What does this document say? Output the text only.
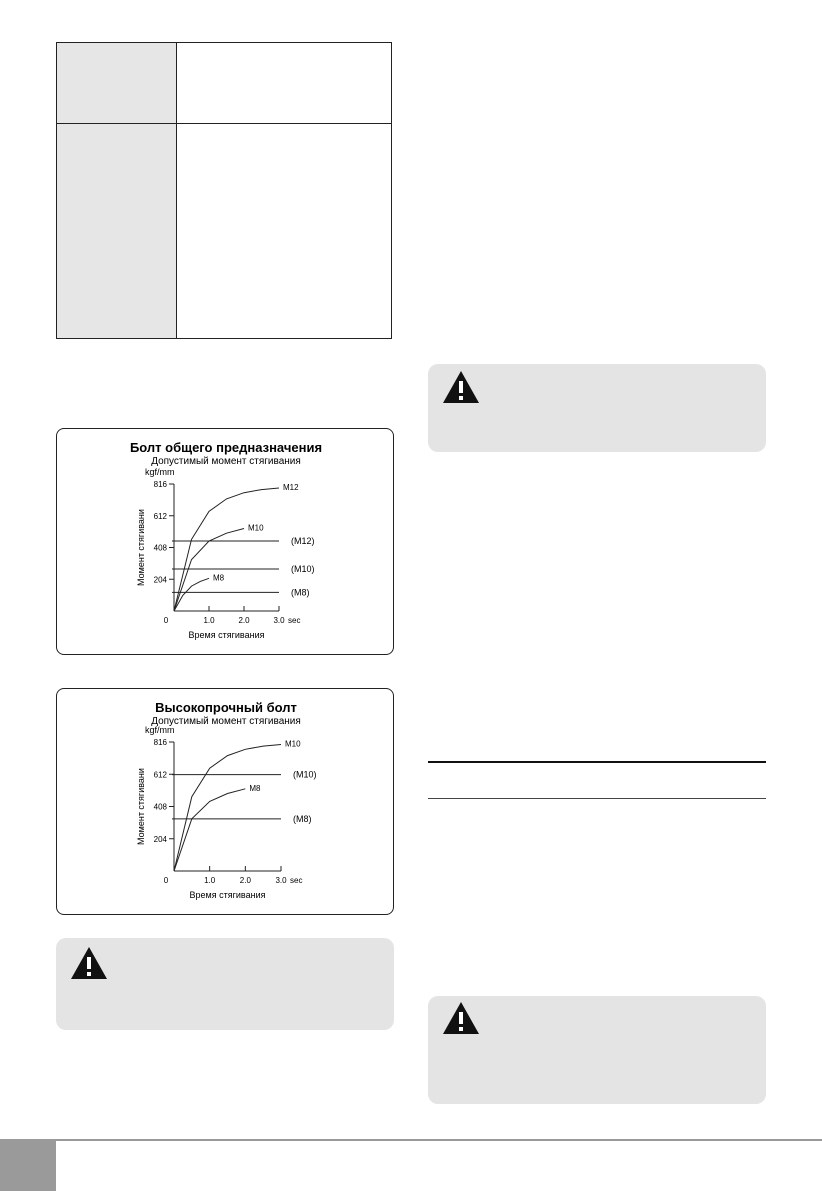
Болт общего предназначения
Допустимый момент стягивания
kgf/mm
204
408
612
816
0	1.0	2.0	3.0 sec
Время стягивания
Момент стягивани	(M12)
(M10)
(M8)
M12
M10
M8
Высокопрочный болт
Допустимый момент стягивания
kgf/mm
204
408
612
816
0	1.0	2.0	3.0 sec
Время стягивания
Момент стягивани	(M10)
(M8)
M10
M8
